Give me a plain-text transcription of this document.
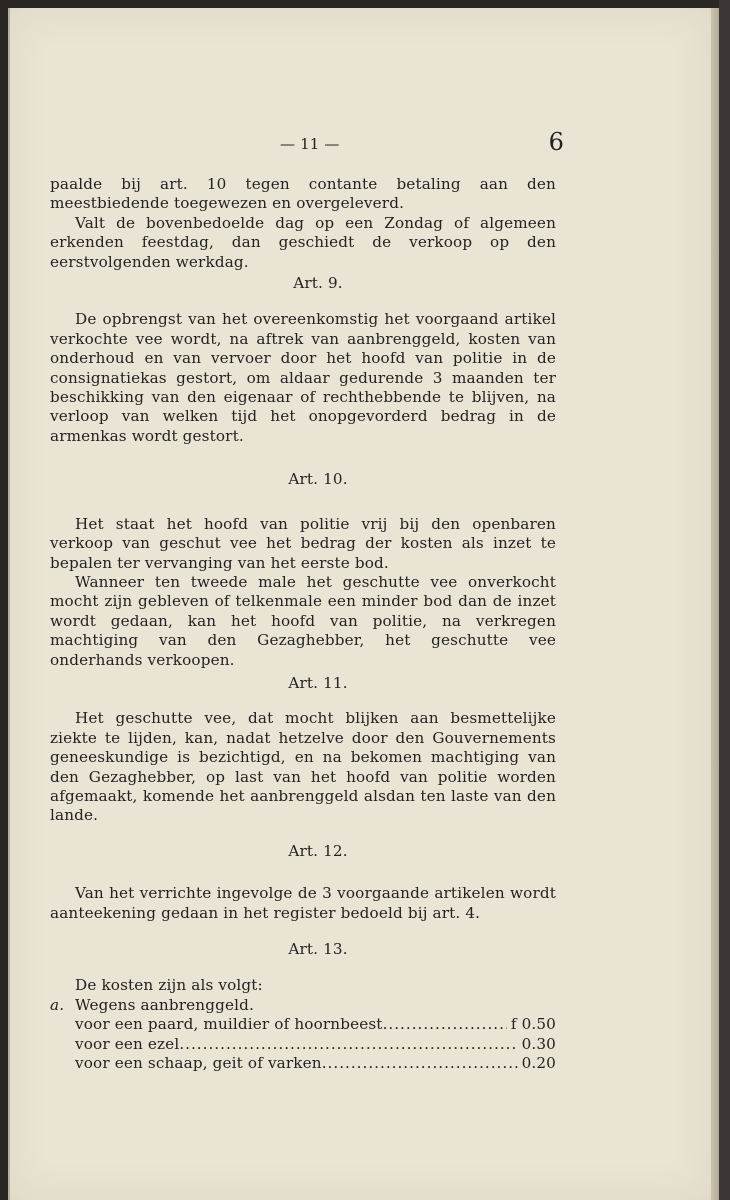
— 11 —	6

paalde bij art. 10 tegen contante betaling aan den meestbiedende toegewezen en overgeleverd.

Valt de bovenbedoelde dag op een Zondag of algemeen erkenden feestdag, dan geschiedt de verkoop op den eerstvolgenden werkdag.

Art. 9.

De opbrengst van het overeenkomstig het voorgaand artikel verkochte vee wordt, na aftrek van aanbrenggeld, kosten van onderhoud en van vervoer door het hoofd van politie in de consignatiekas gestort, om aldaar gedurende 3 maanden ter beschikking van den eigenaar of rechthebbende te blijven, na verloop van welken tijd het onopgevorderd bedrag in de armenkas wordt gestort.

Art. 10.

Het staat het hoofd van politie vrij bij den openbaren verkoop van geschut vee het bedrag der kosten als inzet te bepalen ter vervanging van het eerste bod.

Wanneer ten tweede male het geschutte vee onverkocht mocht zijn gebleven of telkenmale een minder bod dan de inzet wordt gedaan, kan het hoofd van politie, na verkregen machtiging van den Gezaghebber, het geschutte vee onderhands verkoopen.

Art. 11.

Het geschutte vee, dat mocht blijken aan besmettelijke ziekte te lijden, kan, nadat hetzelve door den Gouvernements geneeskundige is bezichtigd, en na bekomen machtiging van den Gezaghebber, op last van het hoofd van politie worden afgemaakt, komende het aanbrenggeld alsdan ten laste van den lande.

Art. 12.

Van het verrichte ingevolge de 3 voorgaande artikelen wordt aanteekening gedaan in het register bedoeld bij art. 4.

Art. 13.

De kosten zijn als volgt:

a. Wegens aanbrenggeld.
voor een paard, muildier of hoornbeest .....	f 0.50
voor een ezel .....	0.30
voor een schaap, geit of varken .....	0.20
